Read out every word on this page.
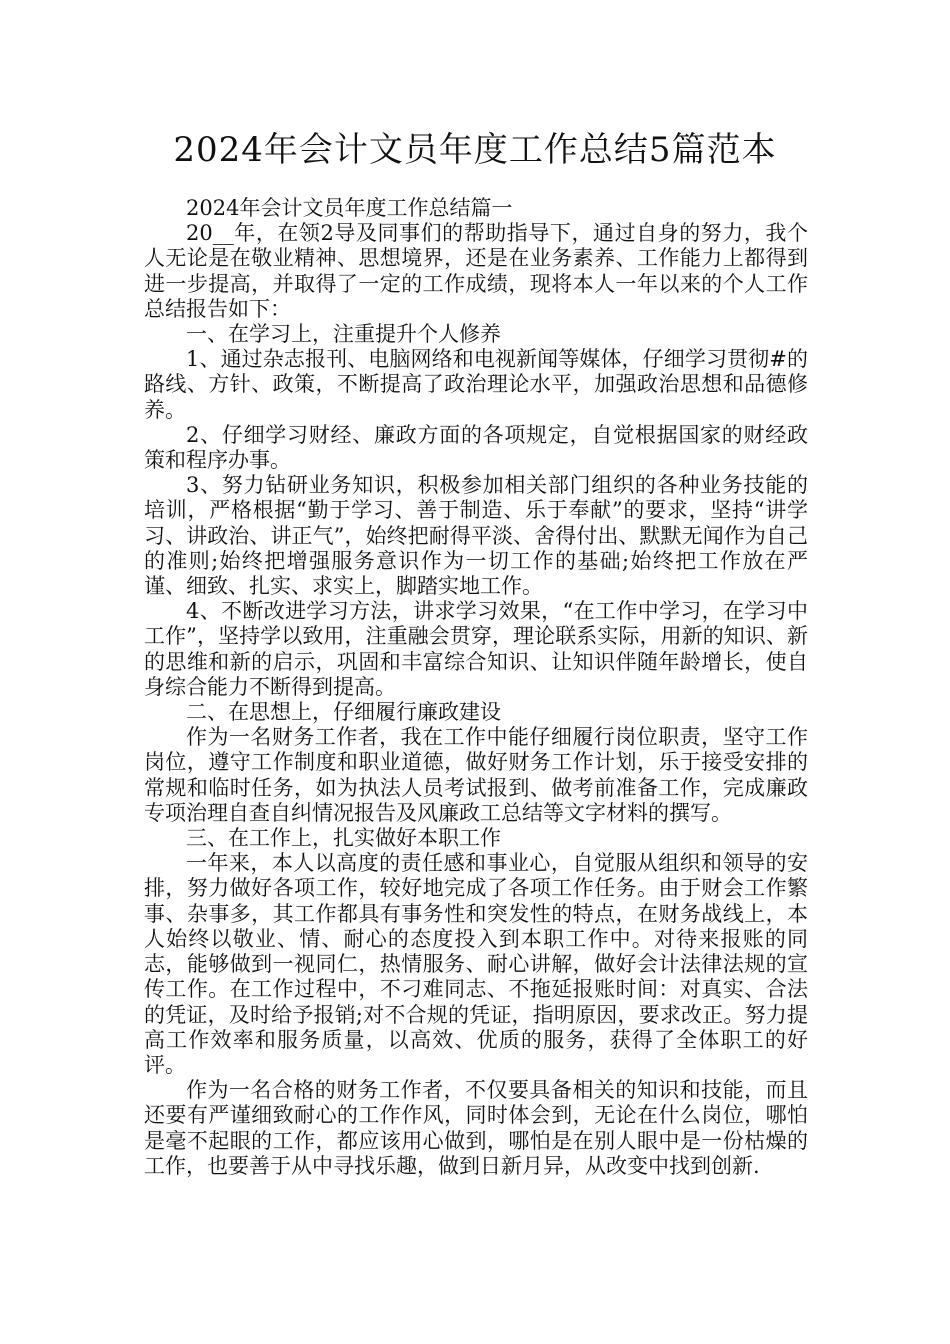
2024年会计文员年度工作总结5篇范本

2024年会计文员年度工作总结篇一

20__年，在领2导及同事们的帮助指导下，通过自身的努力，我个人无论是在敬业精神、思想境界，还是在业务素养、工作能力上都得到进一步提高，并取得了一定的工作成绩，现将本人一年以来的个人工作总结报告如下：

一、在学习上，注重提升个人修养

1、通过杂志报刊、电脑网络和电视新闻等媒体，仔细学习贯彻#的路线、方针、政策，不断提高了政治理论水平，加强政治思想和品德修养。

2、仔细学习财经、廉政方面的各项规定，自觉根据国家的财经政策和程序办事。

3、努力钻研业务知识，积极参加相关部门组织的各种业务技能的培训，严格根据“勤于学习、善于制造、乐于奉献”的要求，坚持“讲学习、讲政治、讲正气”，始终把耐得平淡、舍得付出、默默无闻作为自己的准则;始终把增强服务意识作为一切工作的基础;始终把工作放在严谨、细致、扎实、求实上，脚踏实地工作。

4、不断改进学习方法，讲求学习效果，“在工作中学习，在学习中工作”，坚持学以致用，注重融会贯穿，理论联系实际，用新的知识、新的思维和新的启示，巩固和丰富综合知识、让知识伴随年龄增长，使自身综合能力不断得到提高。

二、在思想上，仔细履行廉政建设

作为一名财务工作者，我在工作中能仔细履行岗位职责，坚守工作岗位，遵守工作制度和职业道德，做好财务工作计划，乐于接受安排的常规和临时任务，如为执法人员考试报到、做考前准备工作，完成廉政专项治理自查自纠情况报告及风廉政工总结等文字材料的撰写。

三、在工作上，扎实做好本职工作

一年来，本人以高度的责任感和事业心，自觉服从组织和领导的安排，努力做好各项工作，较好地完成了各项工作任务。由于财会工作繁事、杂事多，其工作都具有事务性和突发性的特点，在财务战线上，本人始终以敬业、情、耐心的态度投入到本职工作中。对待来报账的同志，能够做到一视同仁，热情服务、耐心讲解，做好会计法律法规的宣传工作。在工作过程中，不刁难同志、不拖延报账时间：对真实、合法的凭证，及时给予报销;对不合规的凭证，指明原因，要求改正。努力提高工作效率和服务质量，以高效、优质的服务，获得了全体职工的好评。

作为一名合格的财务工作者，不仅要具备相关的知识和技能，而且还要有严谨细致耐心的工作作风，同时体会到，无论在什么岗位，哪怕是毫不起眼的工作，都应该用心做到，哪怕是在别人眼中是一份枯燥的工作，也要善于从中寻找乐趣，做到日新月异，从改变中找到创新.
